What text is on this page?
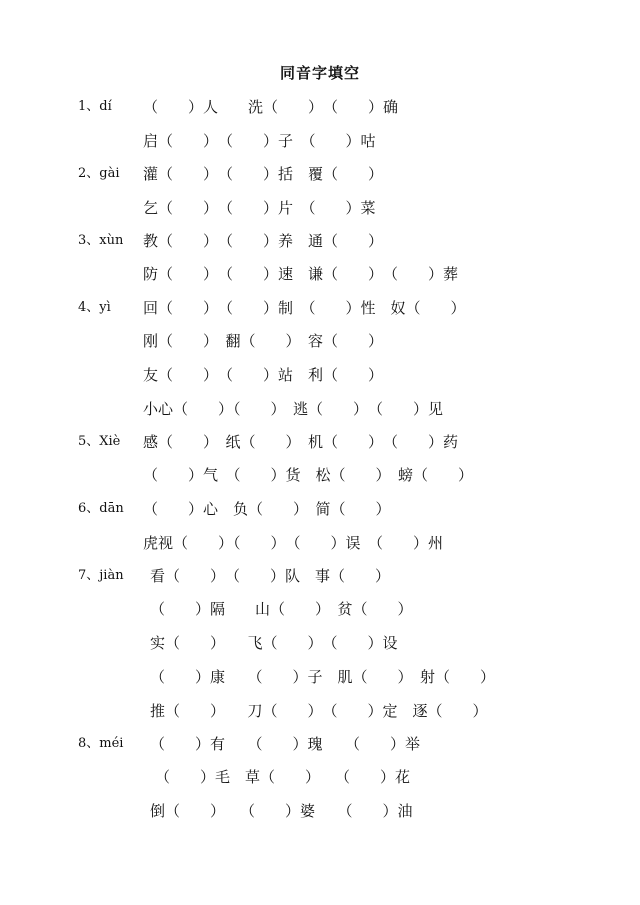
同音字填空

1、dí

（　　）人　　洗（　　）　（　　）确

启（　　）　（　　）子　（　　）咕

2、gài

灌（　　）　（　　）括　覆（　　）

乞（　　）　（　　）片　（　　）菜

3、xùn

教（　　）　（　　）养　通（　　）

防（　　）　（　　）速　谦（　　）　（　　）葬

4、yì

回（　　）　（　　）制　（　　）性　奴（　　）

刚（　　）　翻（　　）　容（　　）

友（　　）　（　　）站　利（　　）

小心（　　）（　　）　逃（　　）　（　　）见

5、Xiè

感（　　）　纸（　　）　机（　　）　（　　）药

（　　）气　（　　）货　松（　　）　螃（　　）

6、dān

（　　）心　负（　　）　简（　　）

虎视（　　）（　　）　（　　）误　（　　）州

7、jiàn

看（　　）　（　　）队　事（　　）

（　　）隔　　山（　　）　贫（　　）

实（　　）　　飞（　　）　（　　）设

（　　）康　　（　　）子　肌（　　）　射（　　）

推（　　）　　刀（　　）　（　　）定　逐（　　）

8、méi

（　　）有　　（　　）瑰　　（　　）举

（　　）毛　草（　　）　　（　　）花

倒（　　）　　（　　）婆　　（　　）油
